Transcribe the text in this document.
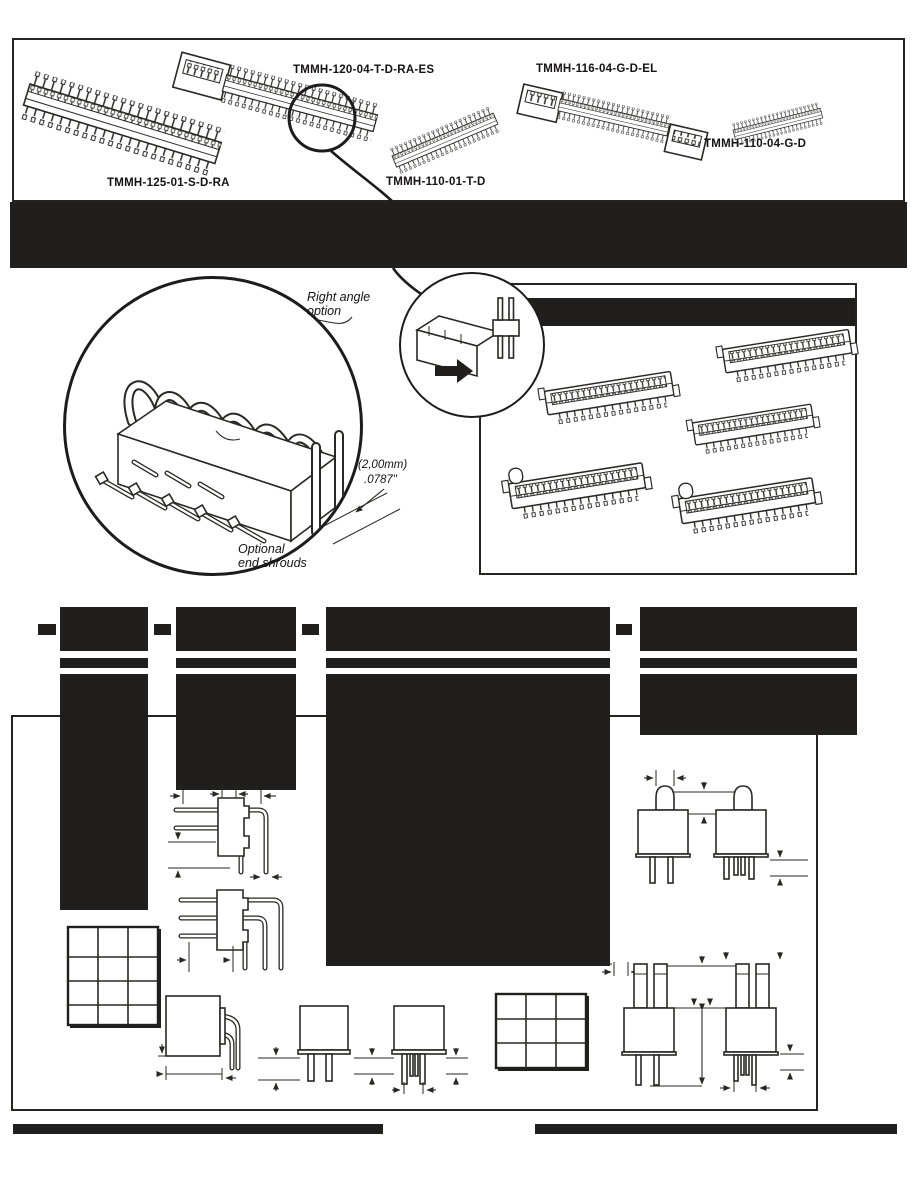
TMMH-125-01-S-D-RA
TMMH-120-04-T-D-RA-ES
TMMH-110-01-T-D
TMMH-116-04-G-D-EL
TMMH-110-04-G-D
Right angle
option
(2,00mm)
.0787"
Optional
end shrouds
